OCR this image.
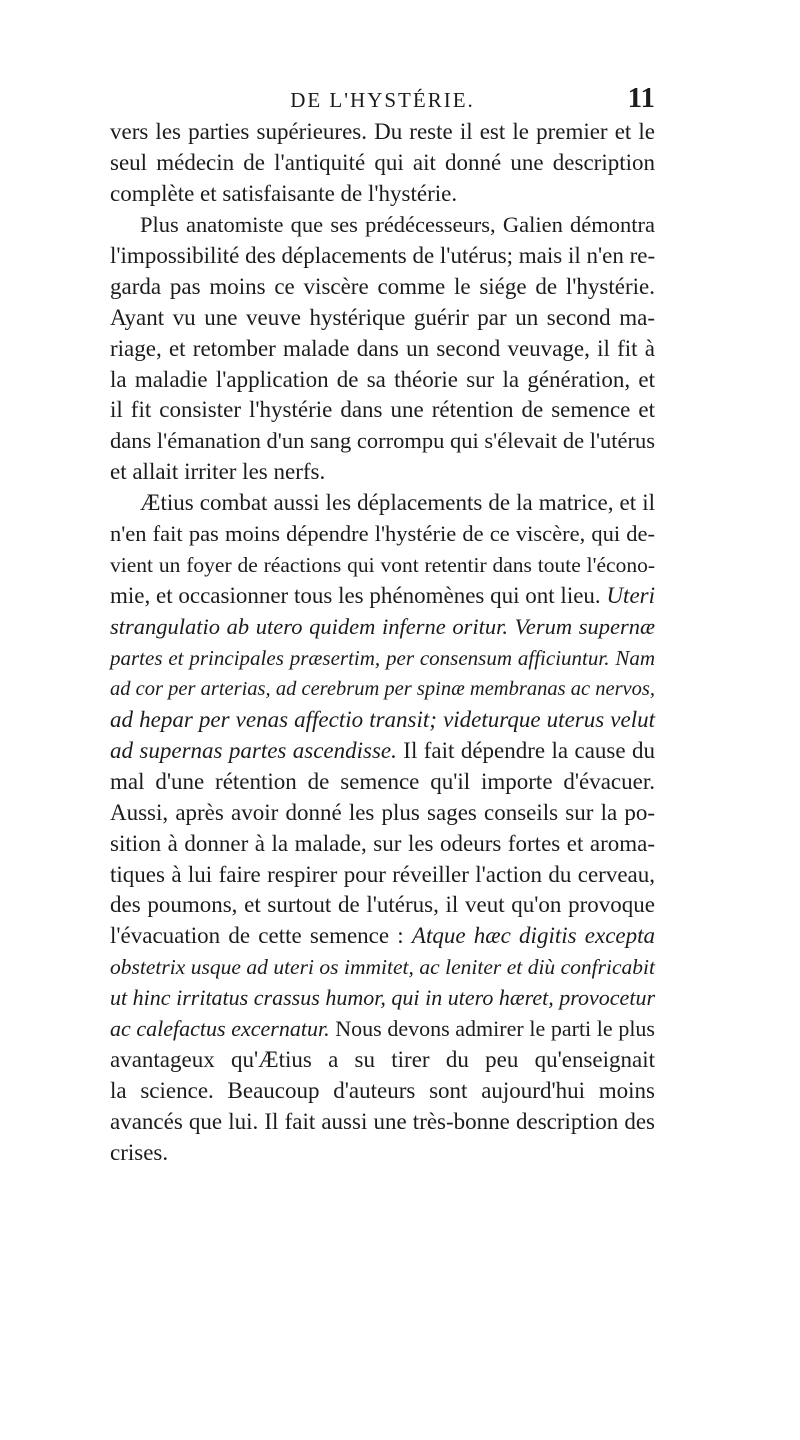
DE L'HYSTÉRIE.	11
vers les parties supérieures. Du reste il est le premier et le
seul médecin de l'antiquité qui ait donné une description
complète et satisfaisante de l'hystérie.
Plus anatomiste que ses prédécesseurs, Galien démontra
l'impossibilité des déplacements de l'utérus; mais il n'en re-
garda pas moins ce viscère comme le siége de l'hystérie.
Ayant vu une veuve hystérique guérir par un second ma-
riage, et retomber malade dans un second veuvage, il fit à
la maladie l'application de sa théorie sur la génération, et
il fit consister l'hystérie dans une rétention de semence et
dans l'émanation d'un sang corrompu qui s'élevait de l'utérus
et allait irriter les nerfs.
Ætius combat aussi les déplacements de la matrice, et il
n'en fait pas moins dépendre l'hystérie de ce viscère, qui de-
vient un foyer de réactions qui vont retentir dans toute l'écono-
mie, et occasionner tous les phénomènes qui ont lieu. Uteri
strangulatio ab utero quidem inferne oritur. Verum supernæ
partes et principales præsertim, per consensum afficiuntur. Nam
ad cor per arterias, ad cerebrum per spinæ membranas ac nervos,
ad hepar per venas affectio transit; videturque uterus velut
ad supernas partes ascendisse. Il fait dépendre la cause du
mal d'une rétention de semence qu'il importe d'évacuer.
Aussi, après avoir donné les plus sages conseils sur la po-
sition à donner à la malade, sur les odeurs fortes et aroma-
tiques à lui faire respirer pour réveiller l'action du cerveau,
des poumons, et surtout de l'utérus, il veut qu'on provoque
l'évacuation de cette semence : Atque hæc digitis excepta
obstetrix usque ad uteri os immitet, ac leniter et diù confricabit
ut hinc irritatus crassus humor, qui in utero hæret, provocetur
ac calefactus excernatur. Nous devons admirer le parti le plus
avantageux qu'Ætius a su tirer du peu qu'enseignait
la science. Beaucoup d'auteurs sont aujourd'hui moins
avancés que lui. Il fait aussi une très-bonne description des
crises.
